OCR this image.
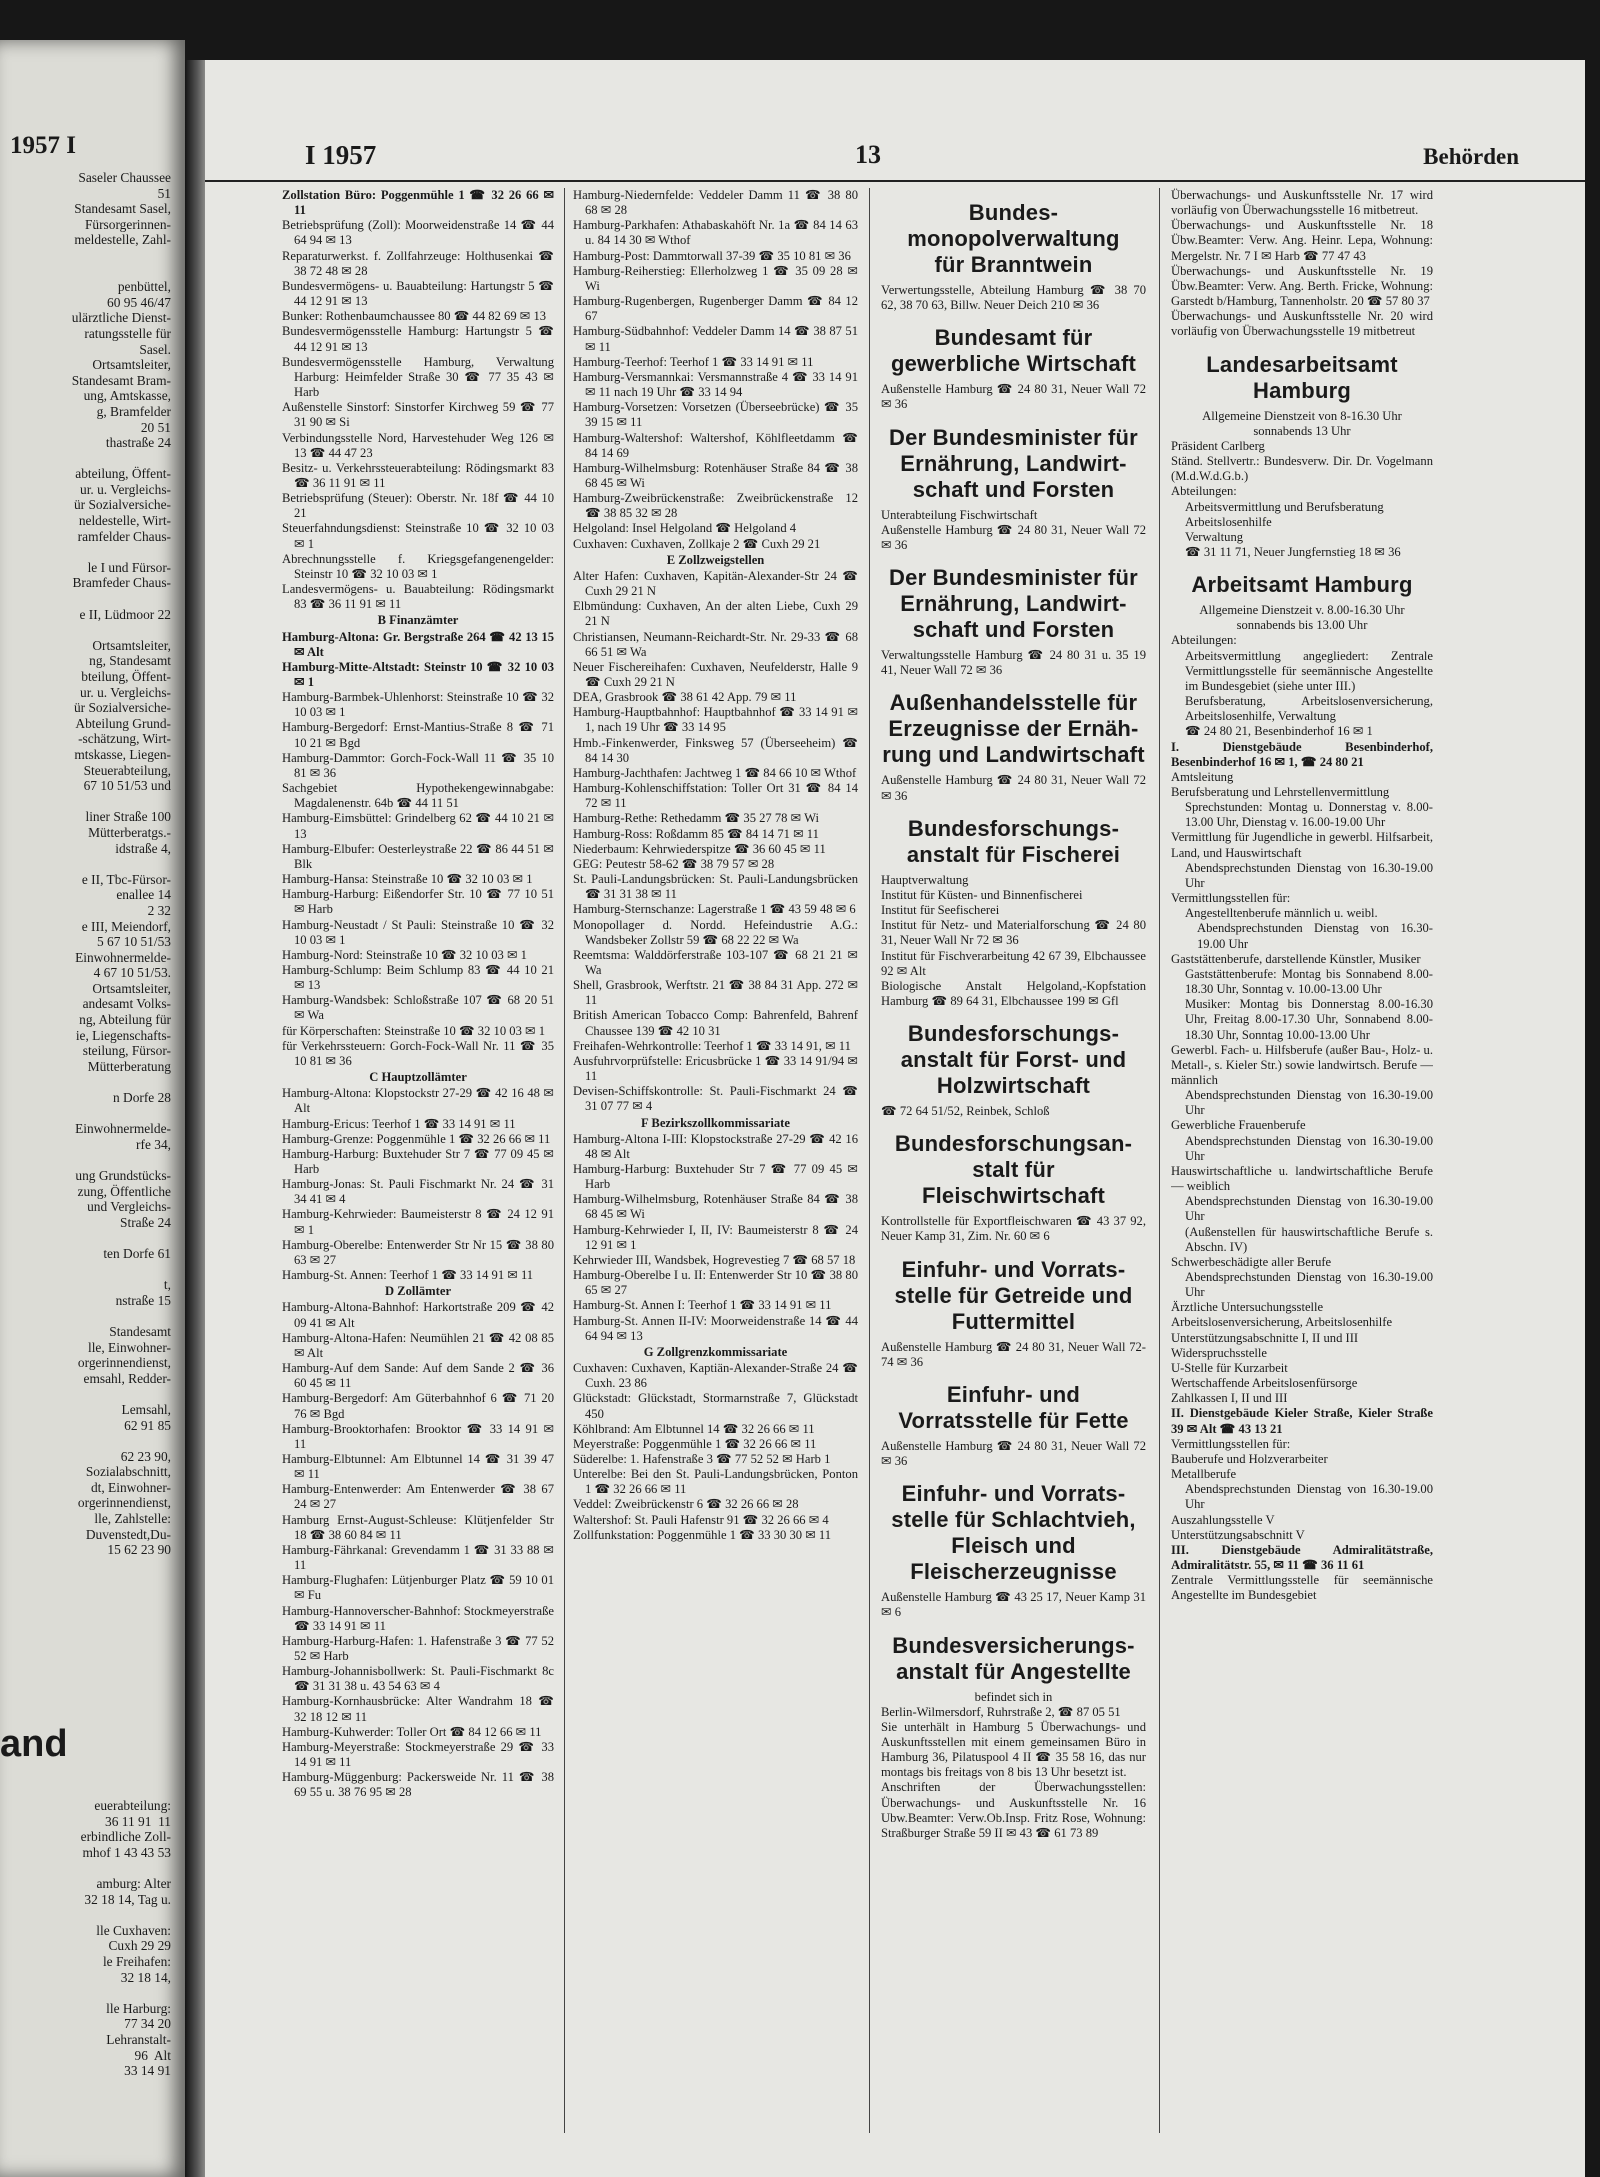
1957 I
Saseler Chaussee
51
Standesamt Sasel,
Fürsorgerinnen-
meldestelle, Zahl-

penbüttel,
60 95 46/47
ulärztliche Dienst-
ratungsstelle für
Sasel.
Ortsamtsleiter,
Standesamt Bram-
ung, Amtskasse,
g, Bramfelder
20 51
thastraße 24

abteilung, Öffent-
ur. u. Vergleichs-
ür Sozialversiche-
neldestelle, Wirt-
ramfelder Chaus-

le I und Fürsor-
Bramfeder Chaus-

e II, Lüdmoor 22

Ortsamtsleiter,
ng, Standesamt
bteilung, Öffent-
ur. u. Vergleichs-
ür Sozialversiche-
Abteilung Grund-
-schätzung, Wirt-
mtskasse, Liegen-
Steuerabteilung,
67 10 51/53 und

liner Straße 100
Mütterberatgs.-
idstraße 4,

e II, Tbc-Fürsor-
enallee 14
2 32
e III, Meiendorf,
5 67 10 51/53
Einwohnermelde-
4 67 10 51/53.
Ortsamtsleiter,
andesamt Volks-
ng, Abteilung für
ie, Liegenschafts-
steilung, Fürsor-
Mütterberatung

n Dorfe 28

Einwohnermelde-
rfe 34,

ung Grundstücks-
zung, Öffentliche
und Vergleichs-
Straße 24

ten Dorfe 61

t,
nstraße 15

Standesamt
lle, Einwohner-
orgerinnendienst,
emsahl, Redder-

Lemsahl,
62 91 85

62 23 90,
Sozialabschnitt,
dt, Einwohner-
orgerinnendienst,
lle, Zahlstelle:
Duvenstedt,Du-
15 62 23 90
and
euerabteilung:
36 11 91  11
erbindliche Zoll-
mhof 1 43 43 53

amburg: Alter
32 18 14, Tag u.

lle Cuxhaven:
Cuxh 29 29
le Freihafen:
32 18 14,

lle Harburg:
77 34 20
Lehranstalt-
96  Alt
33 14 91
I 1957	13	Behörden

Zollstation Büro: Poggenmühle 1 ☎ 32 26 66 ✉ 11

Betriebsprüfung (Zoll): Moorweidenstraße 14 ☎ 44 64 94 ✉ 13

Reparaturwerkst. f. Zollfahrzeuge: Holthusenkai ☎ 38 72 48 ✉ 28

Bundesvermögens- u. Bauabteilung: Hartungstr 5 ☎ 44 12 91 ✉ 13

Bunker: Rothenbaumchaussee 80 ☎ 44 82 69 ✉ 13

Bundesvermögensstelle Hamburg: Hartungstr 5 ☎ 44 12 91 ✉ 13

Bundesvermögensstelle Hamburg, Verwaltung Harburg: Heimfelder Straße 30 ☎ 77 35 43 ✉ Harb

Außenstelle Sinstorf: Sinstorfer Kirchweg 59 ☎ 77 31 90 ✉ Si

Verbindungsstelle Nord, Harvestehuder Weg 126 ✉ 13 ☎ 44 47 23

Besitz- u. Verkehrssteuerabteilung: Rödingsmarkt 83 ☎ 36 11 91 ✉ 11

Betriebsprüfung (Steuer): Oberstr. Nr. 18f ☎ 44 10 21

Steuerfahndungsdienst: Steinstraße 10 ☎ 32 10 03 ✉ 1

Abrechnungsstelle f. Kriegsgefangenengelder: Steinstr 10 ☎ 32 10 03 ✉ 1

Landesvermögens- u. Bauabteilung: Rödingsmarkt 83 ☎ 36 11 91 ✉ 11

B Finanzämter

Hamburg-Altona: Gr. Bergstraße 264 ☎ 42 13 15 ✉ Alt

Hamburg-Mitte-Altstadt: Steinstr 10 ☎ 32 10 03 ✉ 1

Hamburg-Barmbek-Uhlenhorst: Steinstraße 10 ☎ 32 10 03 ✉ 1

Hamburg-Bergedorf: Ernst-Mantius-Straße 8 ☎ 71 10 21 ✉ Bgd

Hamburg-Dammtor: Gorch-Fock-Wall 11 ☎ 35 10 81 ✉ 36

Sachgebiet Hypothekengewinnabgabe: Magdalenenstr. 64b ☎ 44 11 51

Hamburg-Eimsbüttel: Grindelberg 62 ☎ 44 10 21 ✉ 13

Hamburg-Elbufer: Oesterleystraße 22 ☎ 86 44 51 ✉ Blk

Hamburg-Hansa: Steinstraße 10 ☎ 32 10 03 ✉ 1

Hamburg-Harburg: Eißendorfer Str. 10 ☎ 77 10 51 ✉ Harb

Hamburg-Neustadt / St Pauli: Steinstraße 10 ☎ 32 10 03 ✉ 1

Hamburg-Nord: Steinstraße 10 ☎ 32 10 03 ✉ 1

Hamburg-Schlump: Beim Schlump 83 ☎ 44 10 21 ✉ 13

Hamburg-Wandsbek: Schloßstraße 107 ☎ 68 20 51 ✉ Wa

für Körperschaften: Steinstraße 10 ☎ 32 10 03 ✉ 1

für Verkehrssteuern: Gorch-Fock-Wall Nr. 11 ☎ 35 10 81 ✉ 36

C Hauptzollämter

Hamburg-Altona: Klopstockstr 27-29 ☎ 42 16 48 ✉ Alt

Hamburg-Ericus: Teerhof 1 ☎ 33 14 91 ✉ 11

Hamburg-Grenze: Poggenmühle 1 ☎ 32 26 66 ✉ 11

Hamburg-Harburg: Buxtehuder Str 7 ☎ 77 09 45 ✉ Harb

Hamburg-Jonas: St. Pauli Fischmarkt Nr. 24 ☎ 31 34 41 ✉ 4

Hamburg-Kehrwieder: Baumeisterstr 8 ☎ 24 12 91 ✉ 1

Hamburg-Oberelbe: Entenwerder Str Nr 15 ☎ 38 80 63 ✉ 27

Hamburg-St. Annen: Teerhof 1 ☎ 33 14 91 ✉ 11

D Zollämter

Hamburg-Altona-Bahnhof: Harkortstraße 209 ☎ 42 09 41 ✉ Alt

Hamburg-Altona-Hafen: Neumühlen 21 ☎ 42 08 85 ✉ Alt

Hamburg-Auf dem Sande: Auf dem Sande 2 ☎ 36 60 45 ✉ 11

Hamburg-Bergedorf: Am Güterbahnhof 6 ☎ 71 20 76 ✉ Bgd

Hamburg-Brooktorhafen: Brooktor ☎ 33 14 91 ✉ 11

Hamburg-Elbtunnel: Am Elbtunnel 14 ☎ 31 39 47 ✉ 11

Hamburg-Entenwerder: Am Entenwerder ☎ 38 67 24 ✉ 27

Hamburg Ernst-August-Schleuse: Klütjenfelder Str 18 ☎ 38 60 84 ✉ 11

Hamburg-Fährkanal: Grevendamm 1 ☎ 31 33 88 ✉ 11

Hamburg-Flughafen: Lütjenburger Platz ☎ 59 10 01 ✉ Fu

Hamburg-Hannoverscher-Bahnhof: Stockmeyerstraße ☎ 33 14 91 ✉ 11

Hamburg-Harburg-Hafen: 1. Hafenstraße 3 ☎ 77 52 52 ✉ Harb

Hamburg-Johannisbollwerk: St. Pauli-Fischmarkt 8c ☎ 31 31 38 u. 43 54 63 ✉ 4

Hamburg-Kornhausbrücke: Alter Wandrahm 18 ☎ 32 18 12 ✉ 11

Hamburg-Kuhwerder: Toller Ort ☎ 84 12 66 ✉ 11

Hamburg-Meyerstraße: Stockmeyerstraße 29 ☎ 33 14 91 ✉ 11

Hamburg-Müggenburg: Packersweide Nr. 11 ☎ 38 69 55 u. 38 76 95 ✉ 28

Hamburg-Niedernfelde: Veddeler Damm 11 ☎ 38 80 68 ✉ 28

Hamburg-Parkhafen: Athabaskahöft Nr. 1a ☎ 84 14 63 u. 84 14 30 ✉ Wthof

Hamburg-Post: Dammtorwall 37-39 ☎ 35 10 81 ✉ 36

Hamburg-Reiherstieg: Ellerholzweg 1 ☎ 35 09 28 ✉ Wi

Hamburg-Rugenbergen, Rugenberger Damm ☎ 84 12 67

Hamburg-Südbahnhof: Veddeler Damm 14 ☎ 38 87 51 ✉ 11

Hamburg-Teerhof: Teerhof 1 ☎ 33 14 91 ✉ 11

Hamburg-Versmannkai: Versmannstraße 4 ☎ 33 14 91 ✉ 11 nach 19 Uhr ☎ 33 14 94

Hamburg-Vorsetzen: Vorsetzen (Überseebrücke) ☎ 35 39 15 ✉ 11

Hamburg-Waltershof: Waltershof, Köhlfleetdamm ☎ 84 14 69

Hamburg-Wilhelmsburg: Rotenhäuser Straße 84 ☎ 38 68 45 ✉ Wi

Hamburg-Zweibrückenstraße: Zweibrückenstraße 12 ☎ 38 85 32 ✉ 28

Helgoland: Insel Helgoland ☎ Helgoland 4

Cuxhaven: Cuxhaven, Zollkaje 2 ☎ Cuxh 29 21

E Zollzweigstellen

Alter Hafen: Cuxhaven, Kapitän-Alexander-Str 24 ☎ Cuxh 29 21 N

Elbmündung: Cuxhaven, An der alten Liebe, Cuxh 29 21 N

Christiansen, Neumann-Reichardt-Str. Nr. 29-33 ☎ 68 66 51 ✉ Wa

Neuer Fischereihafen: Cuxhaven, Neufelderstr, Halle 9 ☎ Cuxh 29 21 N

DEA, Grasbrook ☎ 38 61 42 App. 79 ✉ 11

Hamburg-Hauptbahnhof: Hauptbahnhof ☎ 33 14 91 ✉ 1, nach 19 Uhr ☎ 33 14 95

Hmb.-Finkenwerder, Finksweg 57 (Überseeheim) ☎ 84 14 30

Hamburg-Jachthafen: Jachtweg 1 ☎ 84 66 10 ✉ Wthof

Hamburg-Kohlenschiffstation: Toller Ort 31 ☎ 84 14 72 ✉ 11

Hamburg-Rethe: Rethedamm ☎ 35 27 78 ✉ Wi

Hamburg-Ross: Roßdamm 85 ☎ 84 14 71 ✉ 11

Niederbaum: Kehrwiederspitze ☎ 36 60 45 ✉ 11

GEG: Peutestr 58-62 ☎ 38 79 57 ✉ 28

St. Pauli-Landungsbrücken: St. Pauli-Landungsbrücken ☎ 31 31 38 ✉ 11

Hamburg-Sternschanze: Lagerstraße 1 ☎ 43 59 48 ✉ 6

Monopollager d. Nordd. Hefeindustrie A.G.: Wandsbeker Zollstr 59 ☎ 68 22 22 ✉ Wa

Reemtsma: Walddörferstraße 103-107 ☎ 68 21 21 ✉ Wa

Shell, Grasbrook, Werftstr. 21 ☎ 38 84 31 App. 272 ✉ 11

British American Tobacco Comp: Bahrenfeld, Bahrenf Chaussee 139 ☎ 42 10 31

Freihafen-Wehrkontrolle: Teerhof 1 ☎ 33 14 91, ✉ 11

Ausfuhrvorprüfstelle: Ericusbrücke 1 ☎ 33 14 91/94 ✉ 11

Devisen-Schiffskontrolle: St. Pauli-Fischmarkt 24 ☎ 31 07 77 ✉ 4

F Bezirkszollkommissariate

Hamburg-Altona I-III: Klopstockstraße 27-29 ☎ 42 16 48 ✉ Alt

Hamburg-Harburg: Buxtehuder Str 7 ☎ 77 09 45 ✉ Harb

Hamburg-Wilhelmsburg, Rotenhäuser Straße 84 ☎ 38 68 45 ✉ Wi

Hamburg-Kehrwieder I, II, IV: Baumeisterstr 8 ☎ 24 12 91 ✉ 1

Kehrwieder III, Wandsbek, Hogrevestieg 7 ☎ 68 57 18

Hamburg-Oberelbe I u. II: Entenwerder Str 10 ☎ 38 80 65 ✉ 27

Hamburg-St. Annen I: Teerhof 1 ☎ 33 14 91 ✉ 11

Hamburg-St. Annen II-IV: Moorweidenstraße 14 ☎ 44 64 94 ✉ 13

G Zollgrenzkommissariate

Cuxhaven: Cuxhaven, Kaptiän-Alexander-Straße 24 ☎ Cuxh. 23 86

Glückstadt: Glückstadt, Stormarnstraße 7, Glückstadt 450

Köhlbrand: Am Elbtunnel 14 ☎ 32 26 66 ✉ 11

Meyerstraße: Poggenmühle 1 ☎ 32 26 66 ✉ 11

Süderelbe: 1. Hafenstraße 3 ☎ 77 52 52 ✉ Harb 1

Unterelbe: Bei den St. Pauli-Landungsbrücken, Ponton 1 ☎ 32 26 66 ✉ 11

Veddel: Zweibrückenstr 6 ☎ 32 26 66 ✉ 28

Waltershof: St. Pauli Hafenstr 91 ☎ 32 26 66 ✉ 4

Zollfunkstation: Poggenmühle 1 ☎ 33 30 30 ✉ 11

Bundes-
monopolverwaltung
für Branntwein

Verwertungsstelle, Abteilung Hamburg ☎ 38 70 62, 38 70 63, Billw. Neuer Deich 210 ✉ 36

Bundesamt für
gewerbliche Wirtschaft

Außenstelle Hamburg ☎ 24 80 31, Neuer Wall 72 ✉ 36

Der Bundesminister für
Ernährung, Landwirt-
schaft und Forsten

Unterabteilung Fischwirtschaft

Außenstelle Hamburg ☎ 24 80 31, Neuer Wall 72 ✉ 36

Der Bundesminister für
Ernährung, Landwirt-
schaft und Forsten

Verwaltungsstelle Hamburg ☎ 24 80 31 u. 35 19 41, Neuer Wall 72 ✉ 36

Außenhandelsstelle für
Erzeugnisse der Ernäh-
rung und Landwirtschaft

Außenstelle Hamburg ☎ 24 80 31, Neuer Wall 72 ✉ 36

Bundesforschungs-
anstalt für Fischerei

Hauptverwaltung

Institut für Küsten- und Binnenfischerei

Institut für Seefischerei

Institut für Netz- und Materialforschung ☎ 24 80 31, Neuer Wall Nr 72 ✉ 36

Institut für Fischverarbeitung 42 67 39, Elbchaussee 92 ✉ Alt

Biologische Anstalt Helgoland,-Kopfstation Hamburg ☎ 89 64 31, Elbchaussee 199 ✉ Gfl

Bundesforschungs-
anstalt für Forst- und
Holzwirtschaft

☎ 72 64 51/52, Reinbek, Schloß

Bundesforschungsan-
stalt für Fleischwirtschaft

Kontrollstelle für Exportfleischwaren ☎ 43 37 92, Neuer Kamp 31, Zim. Nr. 60 ✉ 6

Einfuhr- und Vorrats-
stelle für Getreide und
Futtermittel

Außenstelle Hamburg ☎ 24 80 31, Neuer Wall 72-74 ✉ 36

Einfuhr- und
Vorratsstelle für Fette

Außenstelle Hamburg ☎ 24 80 31, Neuer Wall 72 ✉ 36

Einfuhr- und Vorrats-
stelle für Schlachtvieh,
Fleisch und
Fleischerzeugnisse

Außenstelle Hamburg ☎ 43 25 17, Neuer Kamp 31 ✉ 6

Bundesversicherungs-
anstalt für Angestellte

befindet sich in

Berlin-Wilmersdorf, Ruhrstraße 2, ☎ 87 05 51

Sie unterhält in Hamburg 5 Überwachungs- und Auskunftsstellen mit einem gemeinsamen Büro in Hamburg 36, Pilatuspool 4 II ☎ 35 58 16, das nur montags bis freitags von 8 bis 13 Uhr besetzt ist.

Anschriften der Überwachungsstellen: Überwachungs- und Auskunftsstelle Nr. 16 Ubw.Beamter: Verw.Ob.Insp. Fritz Rose, Wohnung: Straßburger Straße 59 II ✉ 43 ☎ 61 73 89

Überwachungs- und Auskunftsstelle Nr. 17 wird vorläufig von Überwachungsstelle 16 mitbetreut.

Überwachungs- und Auskunftsstelle Nr. 18 Übw.Beamter: Verw. Ang. Heinr. Lepa, Wohnung: Mergelstr. Nr. 7 I ✉ Harb ☎ 77 47 43

Überwachungs- und Auskunftsstelle Nr. 19 Übw.Beamter: Verw. Ang. Berth. Fricke, Wohnung: Garstedt b/Hamburg, Tannenholstr. 20 ☎ 57 80 37

Überwachungs- und Auskunftsstelle Nr. 20 wird vorläufig von Überwachungsstelle 19 mitbetreut

Landesarbeitsamt
Hamburg

Allgemeine Dienstzeit von 8-16.30 Uhr

sonnabends 13 Uhr

Präsident Carlberg

Ständ. Stellvertr.: Bundesverw. Dir. Dr. Vogelmann (M.d.W.d.G.b.)

Abteilungen:

Arbeitsvermittlung und Berufsberatung

Arbeitslosenhilfe

Verwaltung

☎ 31 11 71, Neuer Jungfernstieg 18 ✉ 36

Arbeitsamt Hamburg

Allgemeine Dienstzeit v. 8.00-16.30 Uhr

sonnabends bis 13.00 Uhr

Abteilungen:

Arbeitsvermittlung angegliedert: Zentrale Vermittlungsstelle für seemännische Angestellte im Bundesgebiet (siehe unter III.)

Berufsberatung, Arbeitslosenversicherung, Arbeitslosenhilfe, Verwaltung

☎ 24 80 21, Besenbinderhof 16 ✉ 1

I. Dienstgebäude Besenbinderhof, Besenbinderhof 16 ✉ 1, ☎ 24 80 21

Amtsleitung

Berufsberatung und Lehrstellenvermittlung

Sprechstunden: Montag u. Donnerstag v. 8.00-13.00 Uhr, Dienstag v. 16.00-19.00 Uhr

Vermittlung für Jugendliche in gewerbl. Hilfsarbeit, Land, und Hauswirtschaft

Abendsprechstunden Dienstag von 16.30-19.00 Uhr

Vermittlungsstellen für:

Angestelltenberufe männlich u. weibl.

Abendsprechstunden Dienstag von 16.30-19.00 Uhr

Gaststättenberufe, darstellende Künstler, Musiker

Gaststättenberufe: Montag bis Sonnabend 8.00-18.30 Uhr, Sonntag v. 10.00-13.00 Uhr

Musiker: Montag bis Donnerstag 8.00-16.30 Uhr, Freitag 8.00-17.30 Uhr, Sonnabend 8.00-18.30 Uhr, Sonntag 10.00-13.00 Uhr

Gewerbl. Fach- u. Hilfsberufe (außer Bau-, Holz- u. Metall-, s. Kieler Str.) sowie landwirtsch. Berufe — männlich

Abendsprechstunden Dienstag von 16.30-19.00 Uhr

Gewerbliche Frauenberufe

Abendsprechstunden Dienstag von 16.30-19.00 Uhr

Hauswirtschaftliche u. landwirtschaftliche Berufe — weiblich

Abendsprechstunden Dienstag von 16.30-19.00 Uhr

(Außenstellen für hauswirtschaftliche Berufe s. Abschn. IV)

Schwerbeschädigte aller Berufe

Abendsprechstunden Dienstag von 16.30-19.00 Uhr

Ärztliche Untersuchungsstelle

Arbeitslosenversicherung, Arbeitslosenhilfe

Unterstützungsabschnitte I, II und III

Widerspruchsstelle

U-Stelle für Kurzarbeit

Wertschaffende Arbeitslosenfürsorge

Zahlkassen I, II und III

II. Dienstgebäude Kieler Straße, Kieler Straße 39 ✉ Alt ☎ 43 13 21

Vermittlungsstellen für:

Bauberufe und Holzverarbeiter

Metallberufe

Abendsprechstunden Dienstag von 16.30-19.00 Uhr

Auszahlungsstelle V

Unterstützungsabschnitt V

III. Dienstgebäude Admiralitätstraße, Admiralitätstr. 55, ✉ 11 ☎ 36 11 61

Zentrale Vermittlungsstelle für seemännische Angestellte im Bundesgebiet
